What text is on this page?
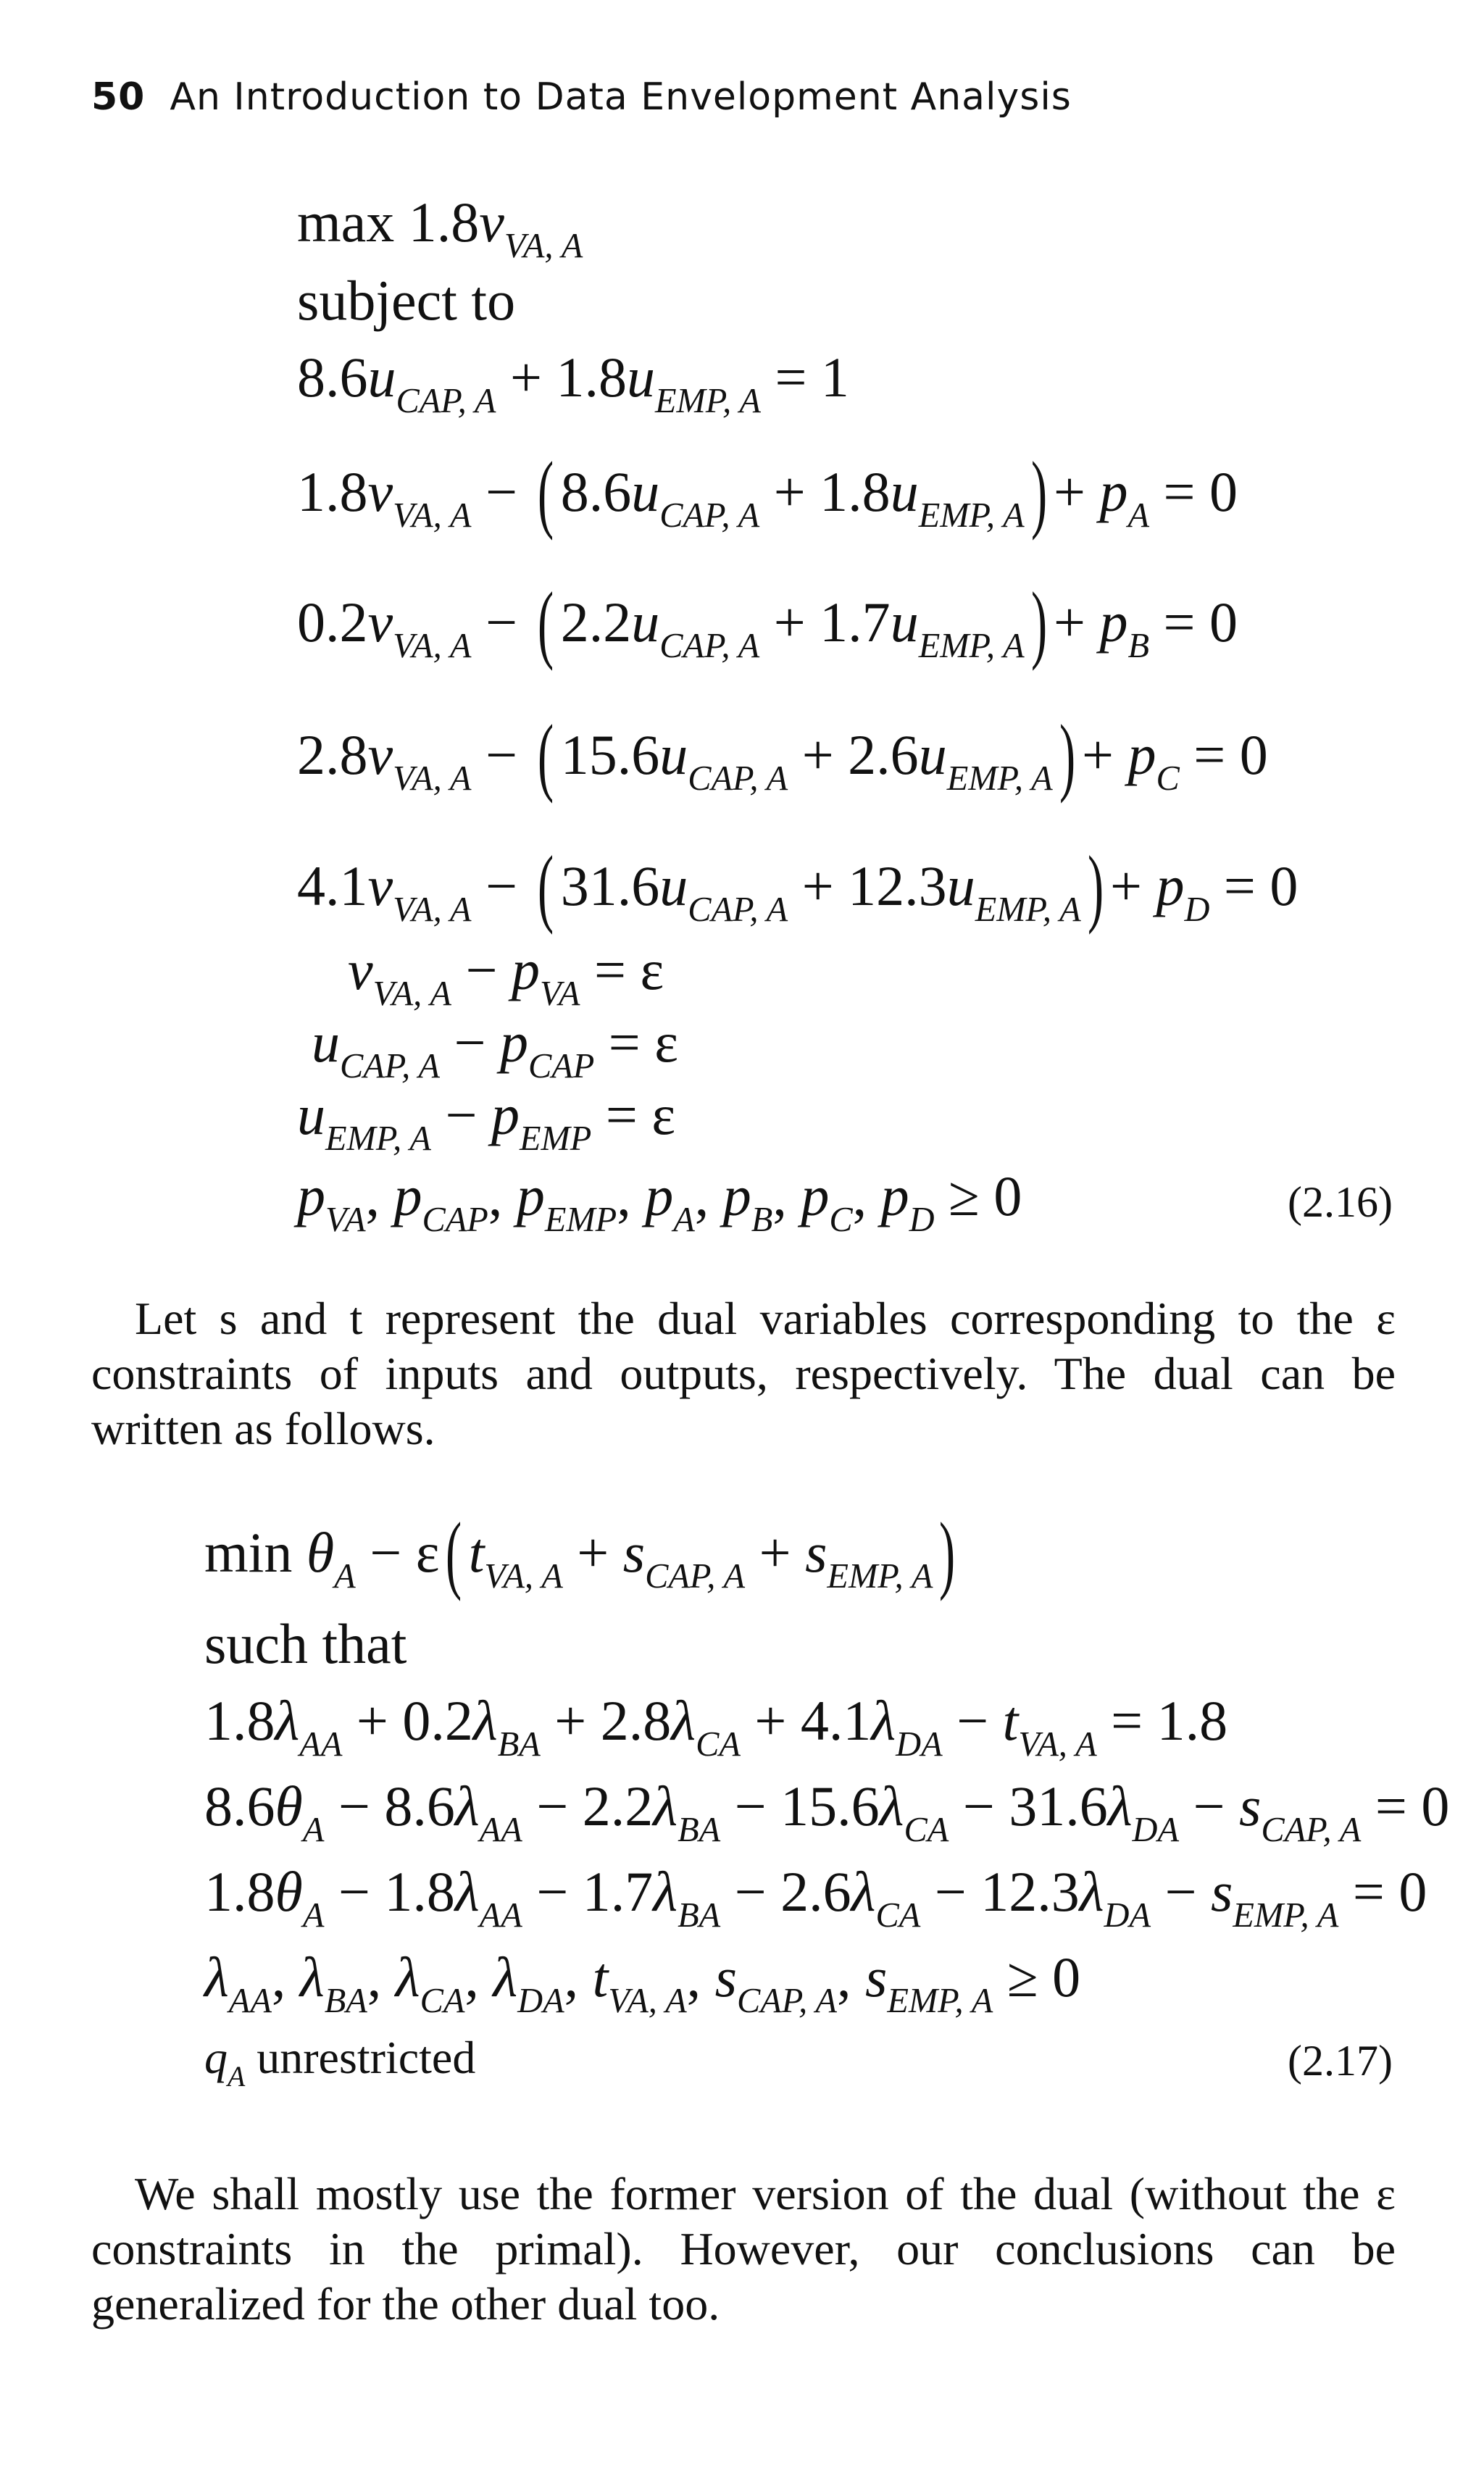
50 An Introduction to Data Envelopment Analysis
$\max 1.8v_{VA, A}$
subject to
$8.6u_{CAP, A} + 1.8u_{EMP, A} = 1$
$1.8v_{VA, A}$ − ( $8.6u_{CAP, A} + 1.8u_{EMP, A}) + p_A = 0$
$0.2v_{VA, A}$ − ( $2.2u_{CAP, A} + 1.7u_{EMP, A}) + p_B = 0$
$2.8v_{VA, A}$ − ( $15.6u_{CAP, A} + 2.6u_{EMP, A}) + p_C = 0$
$4.1v_{VA, A}$ − ( $31.6u_{CAP, A} + 12.3u_{EMP, A}) + p_D = 0$
$v_{VA, A} - p_{VA} = \varepsilon$
$u_{CAP, A} - p_{CAP} = \varepsilon$
$u_{EMP, A} - p_{EMP} = \varepsilon$
$p_{VA}$, $p_{CAP}$, $p_{EMP}$, $p_A$, $p_B$, $p_C$, $p_D \ge 0$	(2.16)
Let s and t represent the dual variables corresponding to the ε constraints of inputs and outputs, respectively. The dual can be written as follows.
$\min \theta_A - \varepsilon$( $t_{VA, A} + s_{CAP, A} + s_{EMP, A}$)
such that
$1.8\lambda_{AA} + 0.2\lambda_{BA} + 2.8\lambda_{CA} + 4.1\lambda_{DA} - t_{VA, A} = 1.8$
$8.6\theta_A - 8.6\lambda_{AA} - 2.2\lambda_{BA} - 15.6\lambda_{CA} - 31.6\lambda_{DA} - s_{CAP, A} = 0$
$1.8\theta_A - 1.8\lambda_{AA} - 1.7\lambda_{BA} - 2.6\lambda_{CA} - 12.3\lambda_{DA} - s_{EMP, A} = 0$
$\lambda_{AA}$, $\lambda_{BA}$, $\lambda_{CA}$, $\lambda_{DA}$, $t_{VA, A}$, $s_{CAP, A}$, $s_{EMP, A} \ge 0$
$q_A$ unrestricted	(2.17)
We shall mostly use the former version of the dual (without the ε constraints in the primal). However, our conclusions can be generalized for the other dual too.
